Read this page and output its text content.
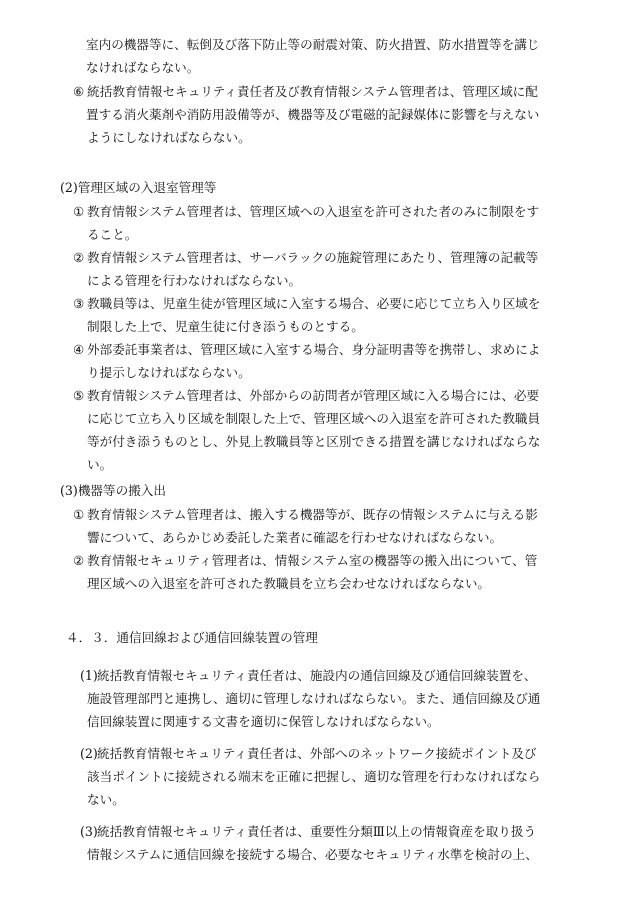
室内の機器等に、転倒及び落下防止等の耐震対策、防火措置、防水措置等を講じ
なければならない。
⑥ 統括教育情報セキュリティ責任者及び教育情報システム管理者は、管理区域に配
置する消火薬剤や消防用設備等が、機器等及び電磁的記録媒体に影響を与えない
ようにしなければならない。
(2)管理区域の入退室管理等
① 教育情報システム管理者は、管理区域への入退室を許可された者のみに制限をす
ること。
② 教育情報システム管理者は、サーバラックの施錠管理にあたり、管理簿の記載等
による管理を行わなければならない。
③ 教職員等は、児童生徒が管理区域に入室する場合、必要に応じて立ち入り区域を
制限した上で、児童生徒に付き添うものとする。
④ 外部委託事業者は、管理区域に入室する場合、身分証明書等を携帯し、求めによ
り提示しなければならない。
⑤ 教育情報システム管理者は、外部からの訪問者が管理区域に入る場合には、必要
に応じて立ち入り区域を制限した上で、管理区域への入退室を許可された教職員
等が付き添うものとし、外見上教職員等と区別できる措置を講じなければならな
い。
(3)機器等の搬入出
① 教育情報システム管理者は、搬入する機器等が、既存の情報システムに与える影
響について、あらかじめ委託した業者に確認を行わせなければならない。
② 教育情報セキュリティ管理者は、情報システム室の機器等の搬入出について、管
理区域への入退室を許可された教職員を立ち会わせなければならない。
４．３．通信回線および通信回線装置の管理
(1) 統括教育情報セキュリティ責任者は、施設内の通信回線及び通信回線装置を、
施設管理部門と連携し、適切に管理しなければならない。また、通信回線及び通
信回線装置に関連する文書を適切に保管しなければならない。
(2) 統括教育情報セキュリティ責任者は、外部へのネットワーク接続ポイント及び
該当ポイントに接続される端末を正確に把握し、適切な管理を行わなければなら
ない。
(3) 統括教育情報セキュリティ責任者は、重要性分類Ⅲ以上の情報資産を取り扱う
情報システムに通信回線を接続する場合、必要なセキュリティ水準を検討の上、
